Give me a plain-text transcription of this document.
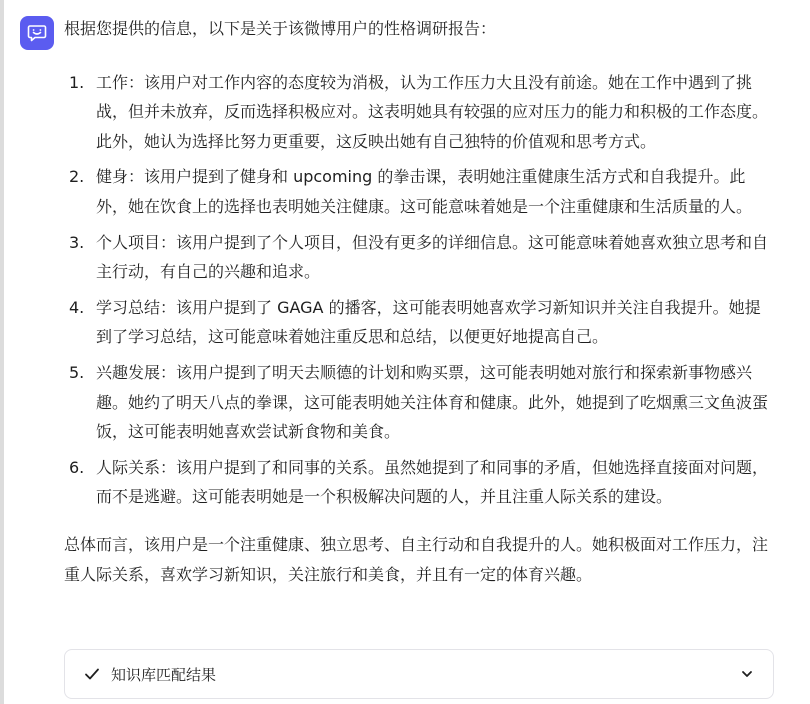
根据您提供的信息，以下是关于该微博用户的性格调研报告：

1. 工作：该用户对工作内容的态度较为消极，认为工作压力大且没有前途。她在工作中遇到了挑战，但并未放弃，反而选择积极应对。这表明她具有较强的应对压力的能力和积极的工作态度。此外，她认为选择比努力更重要，这反映出她有自己独特的价值观和思考方式。
2. 健身：该用户提到了健身和 upcoming 的拳击课，表明她注重健康生活方式和自我提升。此外，她在饮食上的选择也表明她关注健康。这可能意味着她是一个注重健康和生活质量的人。
3. 个人项目：该用户提到了个人项目，但没有更多的详细信息。这可能意味着她喜欢独立思考和自主行动，有自己的兴趣和追求。
4. 学习总结：该用户提到了 GAGA 的播客，这可能表明她喜欢学习新知识并关注自我提升。她提到了学习总结，这可能意味着她注重反思和总结，以便更好地提高自己。
5. 兴趣发展：该用户提到了明天去顺德的计划和购买票，这可能表明她对旅行和探索新事物感兴趣。她约了明天八点的拳课，这可能表明她关注体育和健康。此外，她提到了吃烟熏三文鱼波蛋饭，这可能表明她喜欢尝试新食物和美食。
6. 人际关系：该用户提到了和同事的关系。虽然她提到了和同事的矛盾，但她选择直接面对问题，而不是逃避。这可能表明她是一个积极解决问题的人，并且注重人际关系的建设。

总体而言，该用户是一个注重健康、独立思考、自主行动和自我提升的人。她积极面对工作压力，注重人际关系，喜欢学习新知识，关注旅行和美食，并且有一定的体育兴趣。

知识库匹配结果
